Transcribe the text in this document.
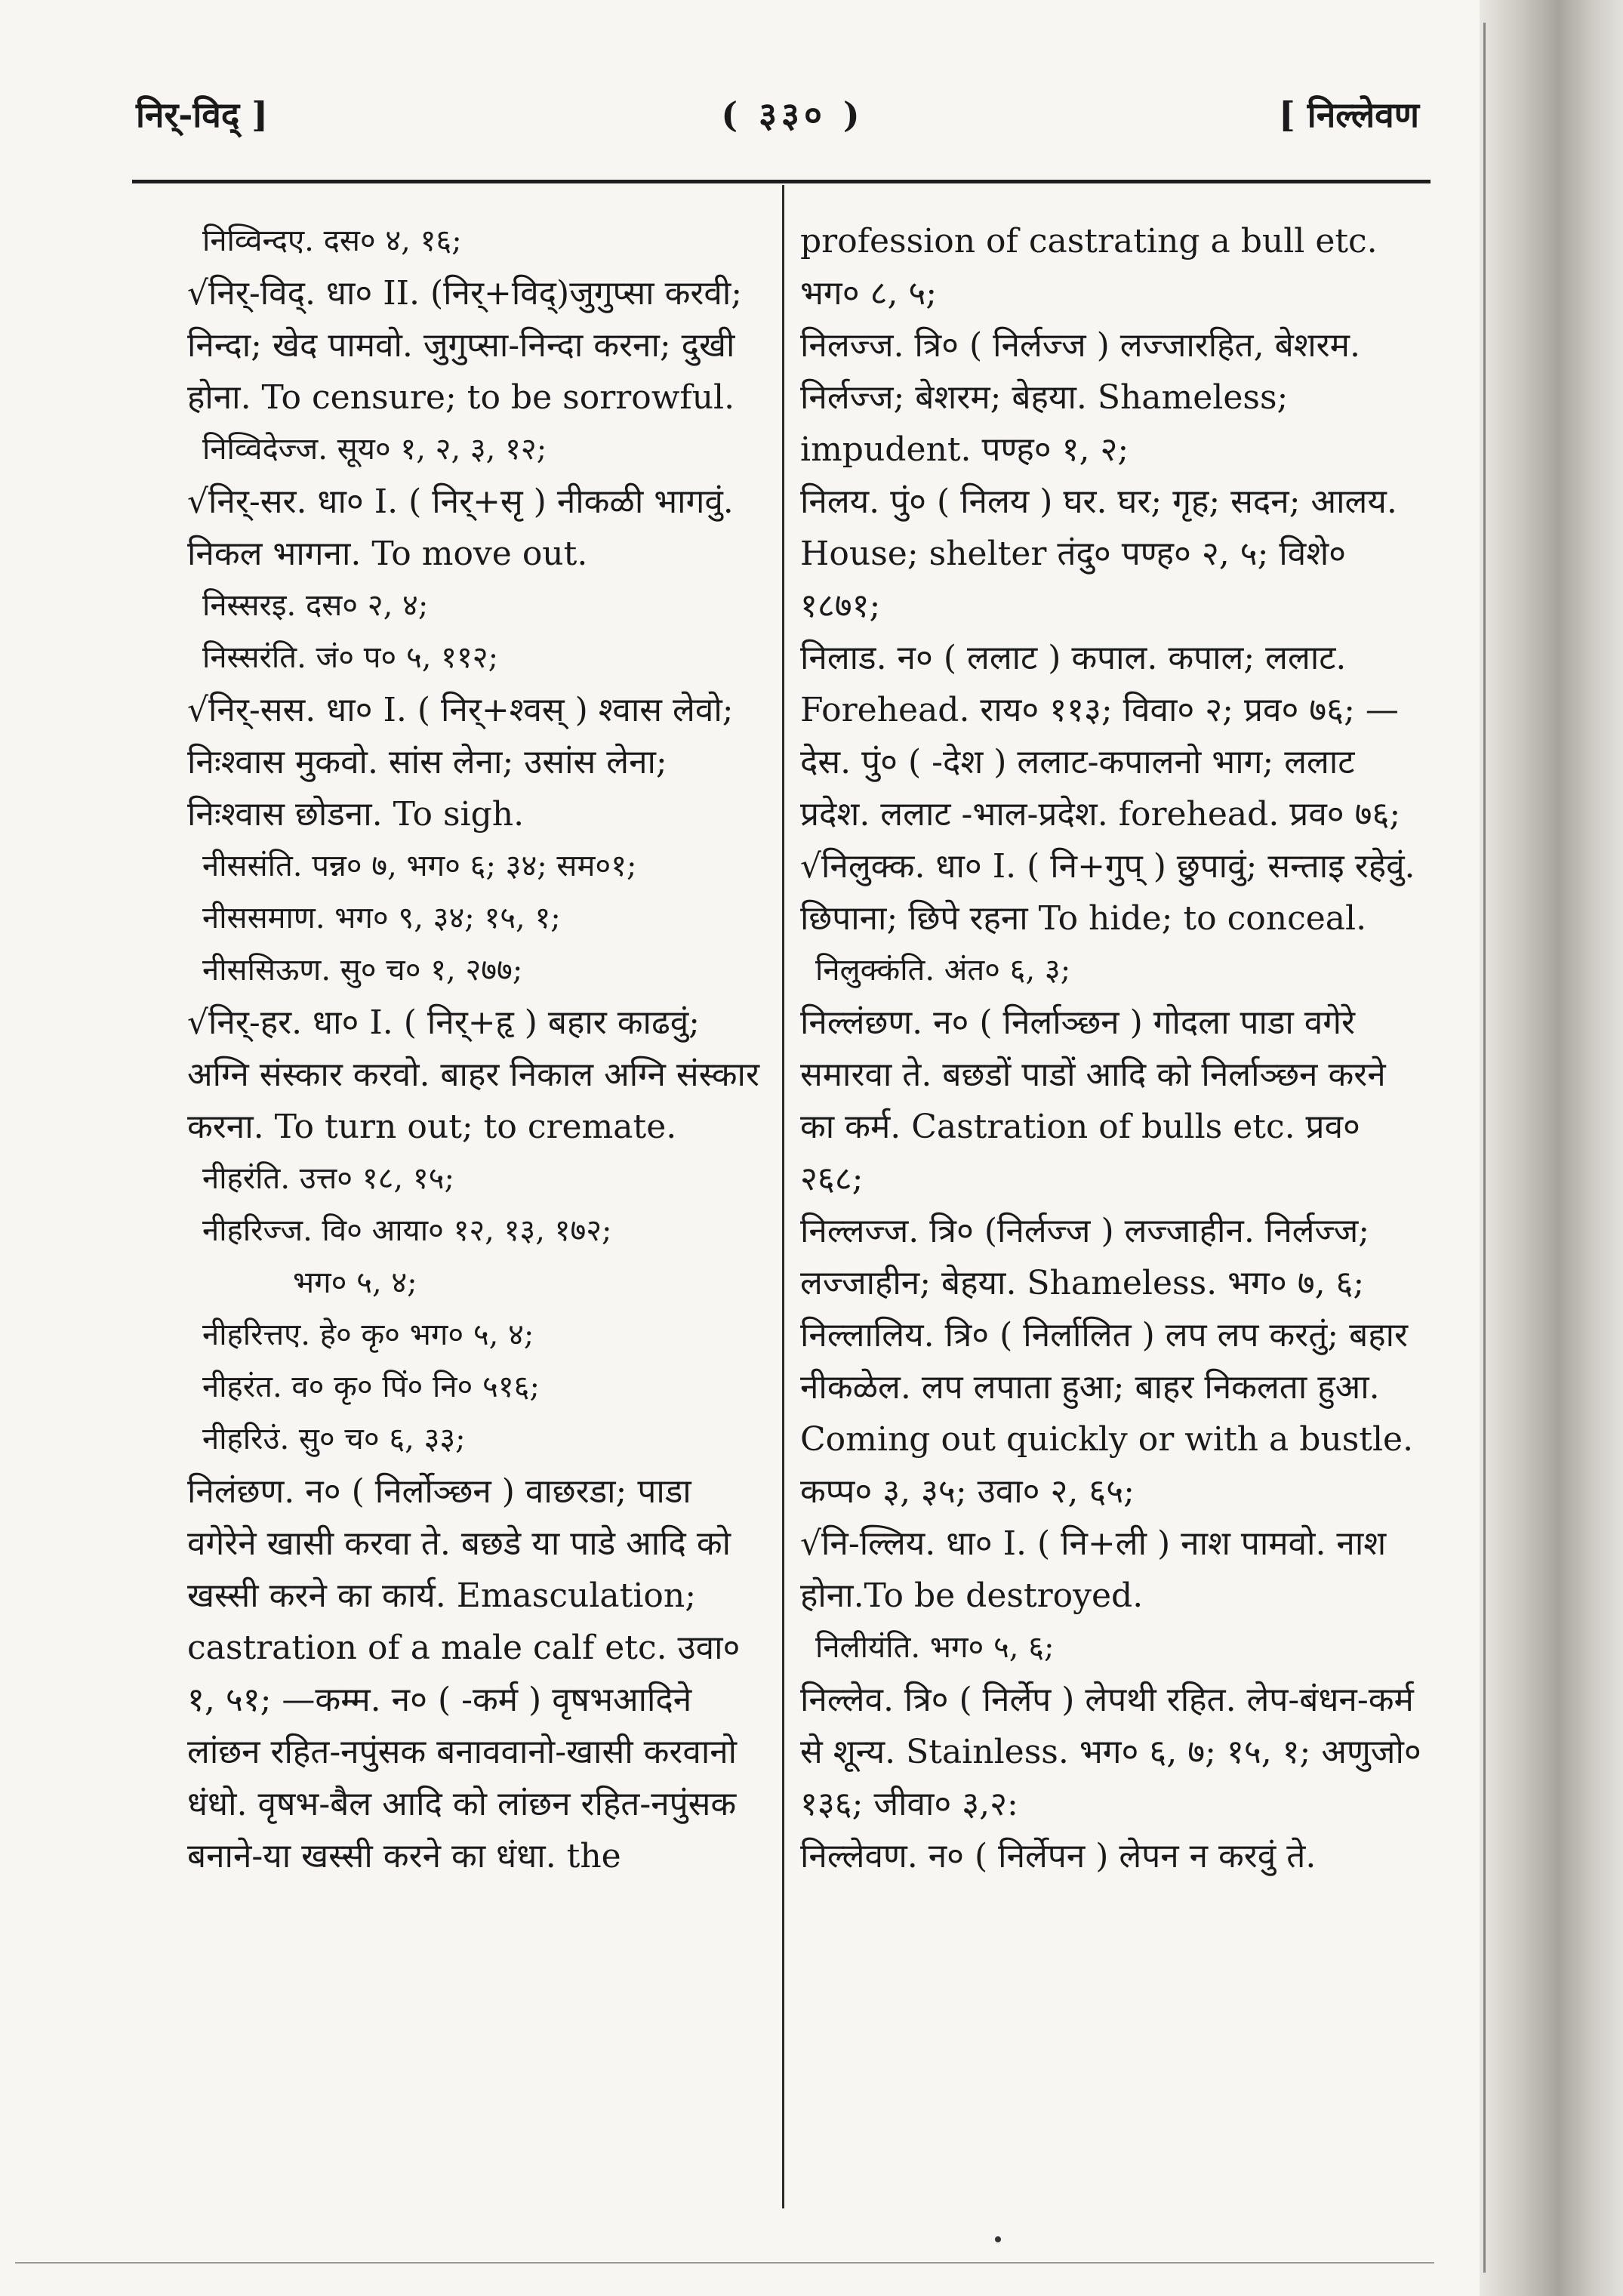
निर्-विद् ]	( ३३० )	[ निल्लेवण

निव्विन्दए. दस० ४, १६;

√निर्-विद्. धा० II. (निर्+विद्)जुगुप्सा करवी; निन्दा; खेद पामवो. जुगुप्सा-निन्दा करना; दुखी होना. To censure; to be sorrowful.

निव्विदेज्ज. सूय० १, २, ३, १२;

√निर्-सर. धा० I. ( निर्+सृ ) नीकळी भागवुं. निकल भागना. To move out.

निस्सरइ. दस० २, ४;

निस्सरंति. जं० प० ५, ११२;

√निर्-सस. धा० I. ( निर्+श्वस् ) श्वास लेवो; निःश्वास मुकवो. सांस लेना; उसांस लेना; निःश्वास छोडना. To sigh.

नीससंति. पन्न० ७, भग० ६; ३४; सम०१;

नीससमाण. भग० ९, ३४; १५, १;

नीससिऊण. सु० च० १, २७७;

√निर्-हर. धा० I. ( निर्+हृ ) बहार काढवुं; अग्नि संस्कार करवो. बाहर निकाल अग्नि संस्कार करना. To turn out; to cremate.

नीहरंति. उत्त० १८, १५;

नीहरिज्ज. वि० आया० १२, १३, १७२;

भग० ५, ४;

नीहरित्तए. हे० कृ० भग० ५, ४;

नीहरंत. व० कृ० पिं० नि० ५१६;

नीहरिउं. सु० च० ६, ३३;

निलंछण. न० ( निर्लोञ्छन ) वाछरडा; पाडा वगेरेने खासी करवा ते. बछडे या पाडे आदि को खस्सी करने का कार्य. Emasculation; castration of a male calf etc. उवा० १, ५१; —कम्म. न० ( -कर्म ) वृषभआदिने लांछन रहित-नपुंसक बनाववानो-खासी करवानो धंधो. वृषभ-बैल आदि को लांछन रहित-नपुंसक बनाने-या खस्सी करने का धंधा. the

profession of castrating a bull etc. भग० ८, ५;

निलज्ज. त्रि० ( निर्लज्ज ) लज्जारहित, बेशरम. निर्लज्ज; बेशरम; बेहया. Shameless; impudent. पण्ह० १, २;

निलय. पुं० ( निलय ) घर. घर; गृह; सदन; आलय. House; shelter तंदु० पण्ह० २, ५; विशे० १८७१;

निलाड. न० ( ललाट ) कपाल. कपाल; ललाट. Forehead. राय० ११३; विवा० २; प्रव० ७६; —देस. पुं० ( -देश ) ललाट-कपालनो भाग; ललाट प्रदेश. ललाट -भाल-प्रदेश. forehead. प्रव० ७६;

√निलुक्क. धा० I. ( नि+गुप् ) छुपावुं; सन्ताइ रहेवुं. छिपाना; छिपे रहना To hide; to conceal.

निलुक्कंति. अंत० ६, ३;

निल्लंछण. न० ( निर्लाञ्छन ) गोदला पाडा वगेरे समारवा ते. बछडों पाडों आदि को निर्लाञ्छन करने का कर्म. Castration of bulls etc. प्रव० २६८;

निल्लज्ज. त्रि० (निर्लज्ज ) लज्जाहीन. निर्लज्ज; लज्जाहीन; बेहया. Shameless. भग० ७, ६;

निल्लालिय. त्रि० ( निर्लालित ) लप लप करतुं; बहार नीकळेल. लप लपाता हुआ; बाहर निकलता हुआ. Coming out quickly or with a bustle. कप्प० ३, ३५; उवा० २, ६५;

√नि-ल्लिय. धा० I. ( नि+ली ) नाश पामवो. नाश होना.To be destroyed.

निलीयंति. भग० ५, ६;

निल्लेव. त्रि० ( निर्लेप ) लेपथी रहित. लेप-बंधन-कर्म से शून्य. Stainless. भग० ६, ७; १५, १; अणुजो० १३६; जीवा० ३,२:

निल्लेवण. न० ( निर्लेपन ) लेपन न करवुं ते.
